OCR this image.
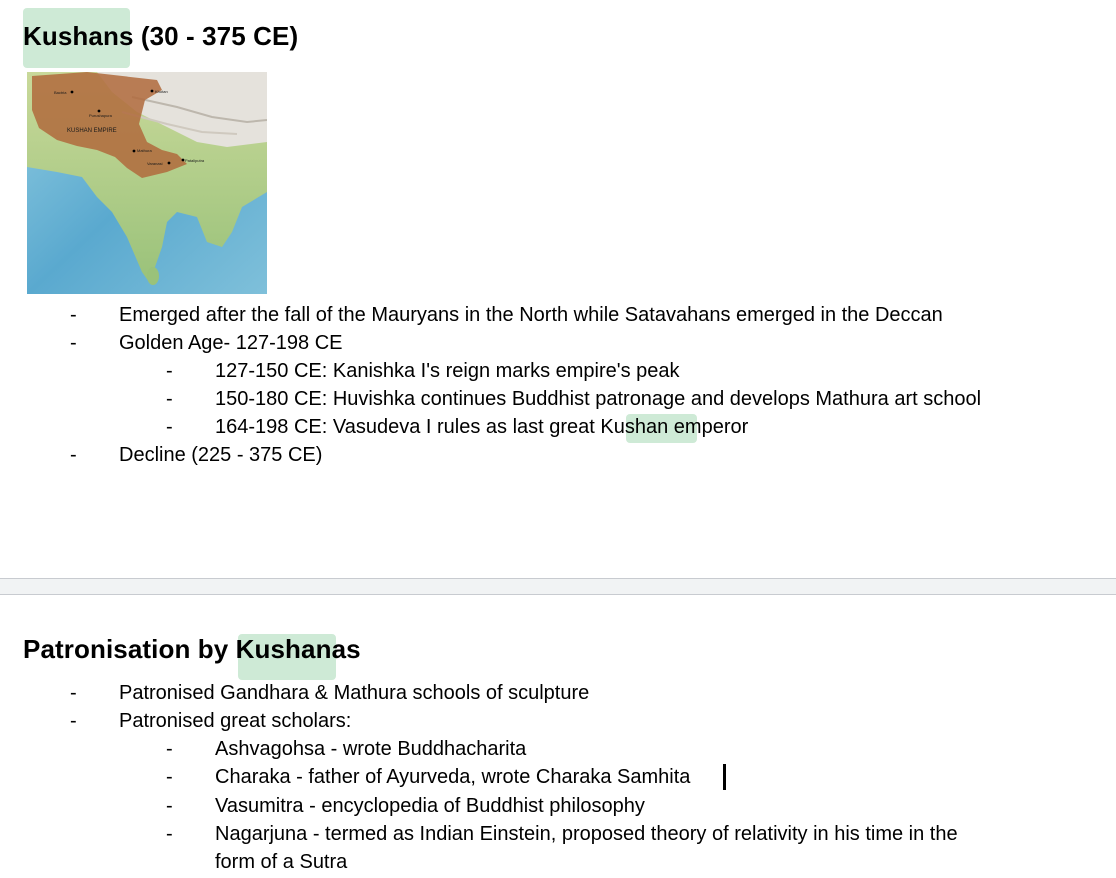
Kushans (30 - 375 CE)
Bactria	Khotan
Purushapura
KUSHAN EMPIRE
Mathura
Varanasi
Pataliputra
- Emerged after the fall of the Mauryans in the North while Satavahans emerged in the Deccan
- Golden Age- 127-198 CE
- 127-150 CE: Kanishka I's reign marks empire's peak
- 150-180 CE: Huvishka continues Buddhist patronage and develops Mathura art school
- 164-198 CE: Vasudeva I rules as last great Kushan emperor
- Decline (225 - 375 CE)
Patronisation by Kushanas
- Patronised Gandhara & Mathura schools of sculpture
- Patronised great scholars:
- Ashvagohsa - wrote Buddhacharita
- Charaka - father of Ayurveda, wrote Charaka Samhita
- Vasumitra - encyclopedia of Buddhist philosophy
- Nagarjuna - termed as Indian Einstein, proposed theory of relativity in his time in the
form of a Sutra
